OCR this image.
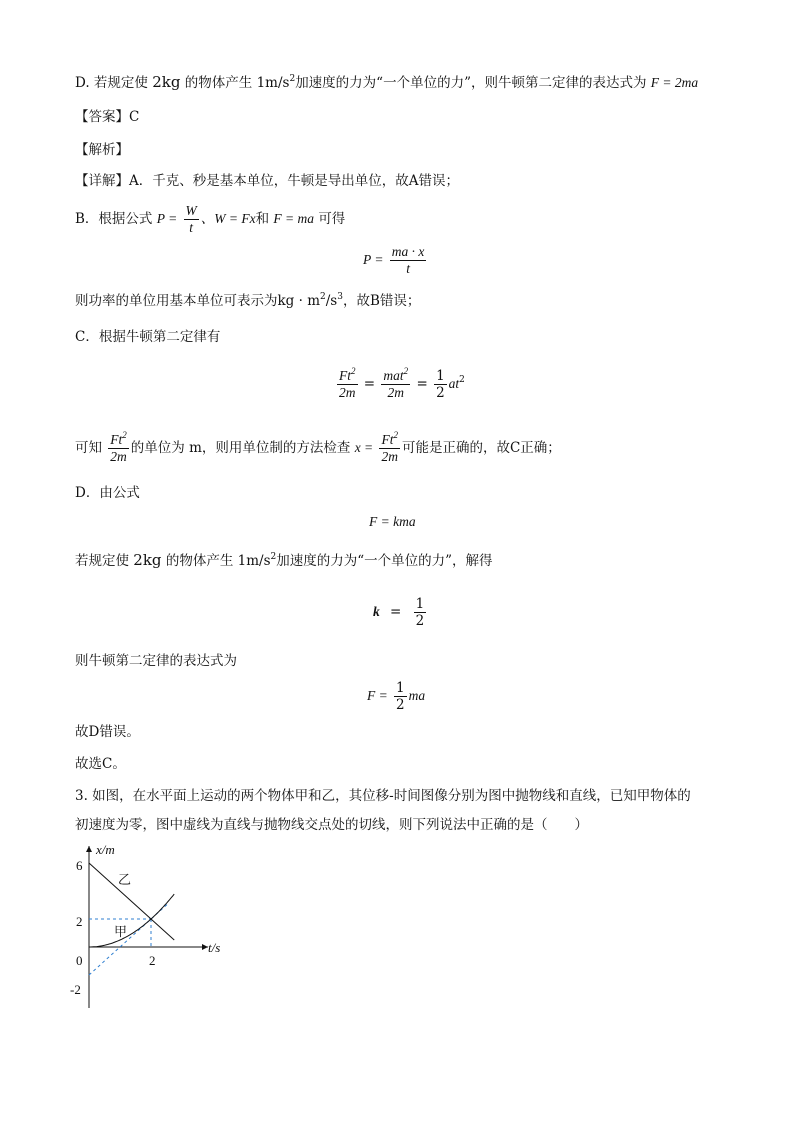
D. 若规定使 2kg 的物体产生 $1m/s^2$加速度的力为“一个单位的力”，则牛顿第二定律的表达式为 F = 2ma
【答案】C
【解析】
【详解】A．千克、秒是基本单位，牛顿是导出单位，故A错误；
B．根据公式 $P = \frac{W}{t}$ 、W = Fx和 F = ma 可得
$P = \frac{ma \cdot x}{t}$
则功率的单位用基本单位可表示为kg · $m^2/s^3$，故B错误；
C．根据牛顿第二定律有
$\frac{Ft^2}{2m} = \frac{mat^2}{2m} = \frac{1}{2} at^2$
可知 $\frac{Ft^2}{2m}$ 的单位为 m，则用单位制的方法检查 $x = \frac{Ft^2}{2m}$ 可能是正确的，故C正确；
D．由公式
F = kma
若规定使 2kg 的物体产生 $1m/s^2$加速度的力为“一个单位的力”，解得
$k = \frac{1}{2}$
则牛顿第二定律的表达式为
$F = \frac{1}{2}$ ma
故D错误。
故选C。
3. 如图，在水平面上运动的两个物体甲和乙，其位移-时间图像分别为图中抛物线和直线，已知甲物体的
初速度为零，图中虚线为直线与抛物线交点处的切线，则下列说法中正确的是（　　）
x/m
t/s
6
2
0
-2
2
乙
甲
